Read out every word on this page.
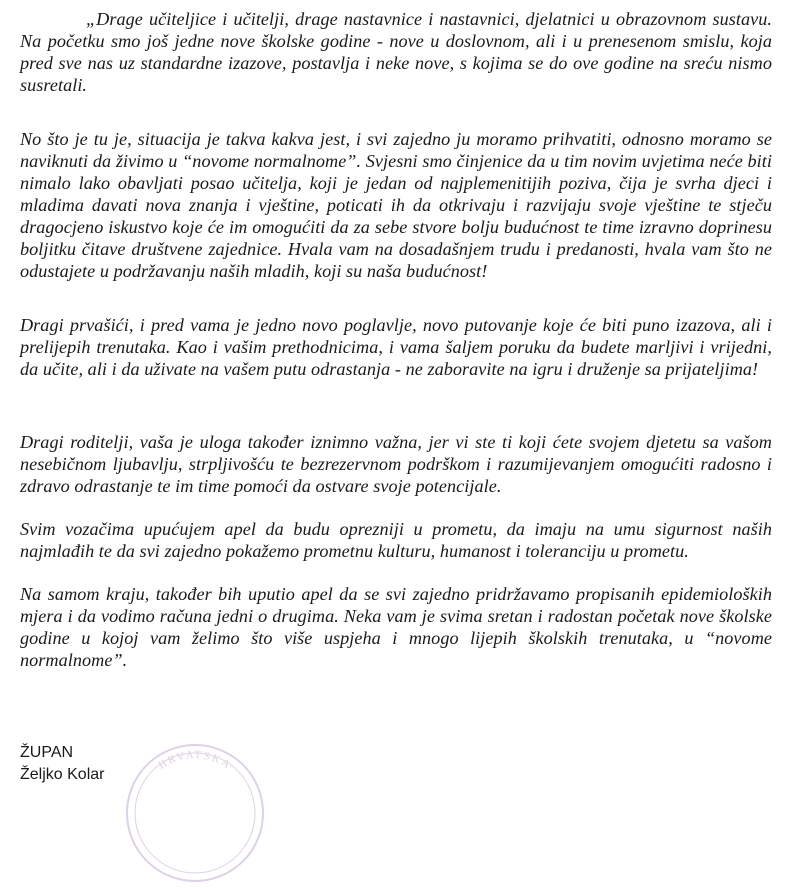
„Drage učiteljice i učitelji, drage nastavnice i nastavnici, djelatnici u obrazovnom sustavu. Na početku smo još jedne nove školske godine - nove u doslovnom, ali i u prenesenom smislu, koja pred sve nas uz standardne izazove, postavlja i neke nove, s kojima se do ove godine na sreću nismo susretali.

No što je tu je, situacija je takva kakva jest, i svi zajedno ju moramo prihvatiti, odnosno moramo se naviknuti da živimo u “novome normalnome”. Svjesni smo činjenice da u tim novim uvjetima neće biti nimalo lako obavljati posao učitelja, koji je jedan od najplemenitijih poziva, čija je svrha djeci i mladima davati nova znanja i vještine, poticati ih da otkrivaju i razvijaju svoje vještine te stječu dragocjeno iskustvo koje će im omogućiti da za sebe stvore bolju budućnost te time izravno doprinesu boljitku čitave društvene zajednice. Hvala vam na dosadašnjem trudu i predanosti, hvala vam što ne odustajete u podržavanju naših mladih, koji su naša budućnost!

Dragi prvašići, i pred vama je jedno novo poglavlje, novo putovanje koje će biti puno izazova, ali i prelijepih trenutaka. Kao i vašim prethodnicima, i vama šaljem poruku da budete marljivi i vrijedni, da učite, ali i da uživate na vašem putu odrastanja - ne zaboravite na igru i druženje sa prijateljima!

Dragi roditelji, vaša je uloga također iznimno važna, jer vi ste ti koji ćete svojem djetetu sa vašom nesebičnom ljubavlju, strpljivošću te bezrezervnom podrškom i razumijevanjem omogućiti radosno i zdravo odrastanje te im time pomoći da ostvare svoje potencijale.

Svim vozačima upućujem apel da budu oprezniji u prometu, da imaju na umu sigurnost naših najmlađih te da svi zajedno pokažemo prometnu kulturu, humanost i toleranciju u prometu.

Na samom kraju, također bih uputio apel da se svi zajedno pridržavamo propisanih epidemioloških mjera i da vodimo računa jedni o drugima. Neka vam je svima sretan i radostan početak nove školske godine u kojoj vam želimo što više uspjeha i mnogo lijepih školskih trenutaka, u “novome normalnome”.

HRVATSKA
ŽUPAN
Željko Kolar
